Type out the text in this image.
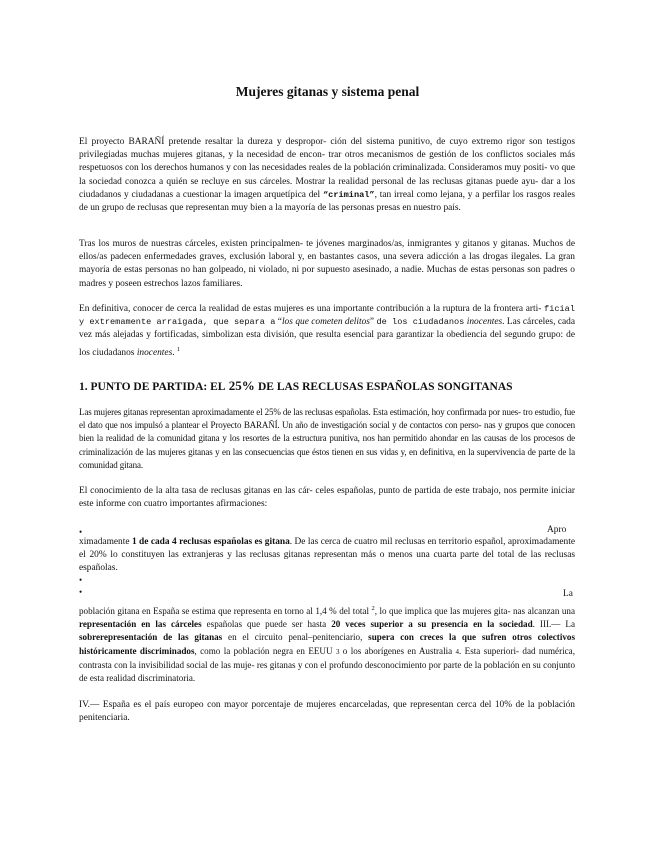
Mujeres gitanas y sistema penal

El proyecto BARAÑÍ pretende resaltar la dureza y despropor- ción del sistema punitivo, de cuyo extremo rigor son testigos privilegiadas muchas mujeres gitanas, y la necesidad de encon- trar otros mecanismos de gestión de los conflictos sociales más respetuosos con los derechos humanos y con las necesidades reales de la población criminalizada. Consideramos muy positi- vo que la sociedad conozca a quién se recluye en sus cárceles. Mostrar la realidad personal de las reclusas gitanas puede ayu- dar a los ciudadanos y ciudadanas a cuestionar la imagen arquetípica del “criminal”, tan irreal como lejana, y a perfilar los rasgos reales de un grupo de reclusas que representan muy bien a la mayoría de las personas presas en nuestro país.

Tras los muros de nuestras cárceles, existen principalmen- te jóvenes marginados/as, inmigrantes y gitanos y gitanas. Muchos de ellos/as padecen enfermedades graves, exclusión laboral y, en bastantes casos, una severa adicción a las drogas ilegales. La gran mayoría de estas personas no han golpeado, ni violado, ni por supuesto asesinado, a nadie. Muchas de estas personas son padres o madres y poseen estrechos lazos familiares.

En definitiva, conocer de cerca la realidad de estas mujeres es una importante contribución a la ruptura de la frontera arti- ficial y extremamente arraigada, que separa a “los que cometen delitos” de los ciudadanos inocentes. Las cárceles, cada vez más alejadas y fortificadas, simbolizan esta división, que resulta esencial para garantizar la obediencia del segundo grupo: de los ciudadanos inocentes. $^1$

1. PUNTO DE PARTIDA: EL 25% DE LAS RECLUSAS ESPAÑOLAS SONGITANAS

Las mujeres gitanas representan aproximadamente el 25% de las reclusas españolas. Esta estimación, hoy confirmada por nues- tro estudio, fue el dato que nos impulsó a plantear el Proyecto BARAÑÍ. Un año de investigación social y de contactos con perso- nas y grupos que conocen bien la realidad de la comunidad gitana y los resortes de la estructura punitiva, nos han permitido ahondar en las causas de los procesos de criminalización de las mujeres gitanas y en las consecuencias que éstos tienen en sus vidas y, en definitiva, en la supervivencia de parte de la comunidad gitana.

El conocimiento de la alta tasa de reclusas gitanas en las cár- celes españolas, punto de partida de este trabajo, nos permite iniciar este informe con cuatro importantes afirmaciones:

•	Apro

ximadamente 1 de cada 4 reclusas españolas es gitana. De las cerca de cuatro mil reclusas en territorio español, aproximadamente el 20% lo constituyen las extranjeras y las reclusas gitanas representan más o menos una cuarta parte del total de las reclusas españolas.

•
•	La

población gitana en España se estima que representa en torno al 1,4 % del total $^2$, lo que implica que las mujeres gita- nas alcanzan una representación en las cárceles españolas que puede ser hasta 20 veces superior a su presencia en la sociedad. III.— La sobrerepresentación de las gitanas en el circuito penal–penitenciario, supera con creces la que sufren otros colectivos históricamente discriminados, como la población negra en EEUU 3 o los aborígenes en Australia 4. Esta superiori- dad numérica, contrasta con la invisibilidad social de las muje- res gitanas y con el profundo desconocimiento por parte de la población en su conjunto de esta realidad discriminatoria.

IV.— España es el país europeo con mayor porcentaje de mujeres encarceladas, que representan cerca del 10% de la población penitenciaria.
